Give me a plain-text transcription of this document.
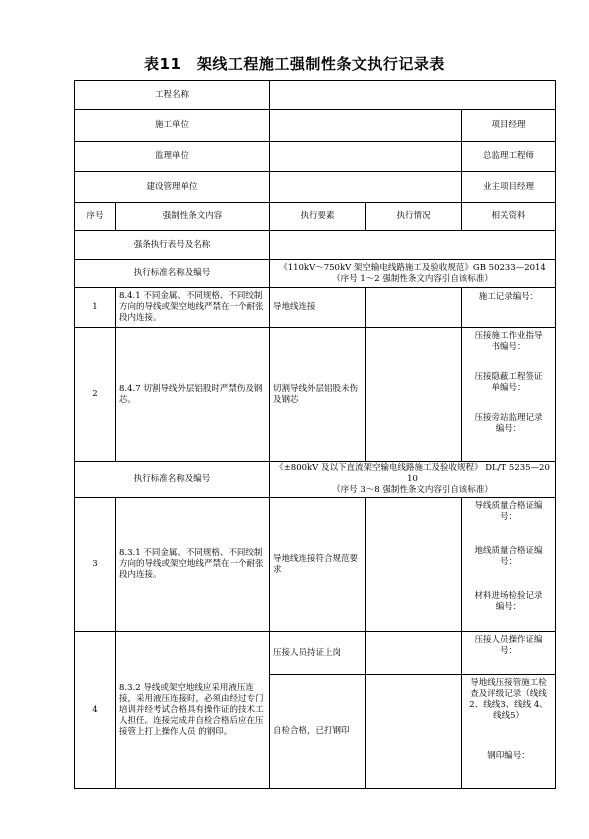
表11　架线工程施工强制性条文执行记录表
工程名称				
施工单位				项目经理
监理单位				总监理工程师
建设管理单位				业主项目经理
序号	强制性条文内容	执行要素	执行情况	相关资料
强条执行表号及名称				
执行标准名称及编号		《110kV～750kV 架空输电线路施工及验收规范》GB 50233—2014
（序号 1～2 强制性条文内容引自该标准）		

1	8.4.1 不同金属、不同规格、不同绞制方向的导线或架空地线严禁在一个耐张段内连接。	导地线连接		施工记录编号：

2	8.4.7 切割导线外层铝股时严禁伤及钢芯。	切割导线外层铝股未伤及钢芯		压接施工作业指导书编号：
压接隐蔽工程签证单编号：
压接旁站监理记录编号：

执行标准名称及编号		《±800kV 及以下直流架空输电线路施工及验收规程》 DL/T 5235—2010
（序号 3～8 强制性条文内容引自该标准）		

3	8.3.1 不同金属、不同规格、不同绞制方向的导线或架空地线严禁在一个耐张段内连接。	导地线连接符合规范要求		导线质量合格证编号：
地线质量合格证编号：
材料进场检验记录编号：

4	8.3.2 导线或架空地线应采用液压连接，采用液压连接时，必须由经过专门培训并经考试合格具有操作证的技术工人担任。连接完成并自检合格后应在压接管上打上操作人员 的钢印。	压接人员持证上岗		压接人员操作证编号：

		自检合格，已打钢印		导地线压接管施工检查及评级记录（线线2、线线3、线线 4、线线5）
钢印编号：
